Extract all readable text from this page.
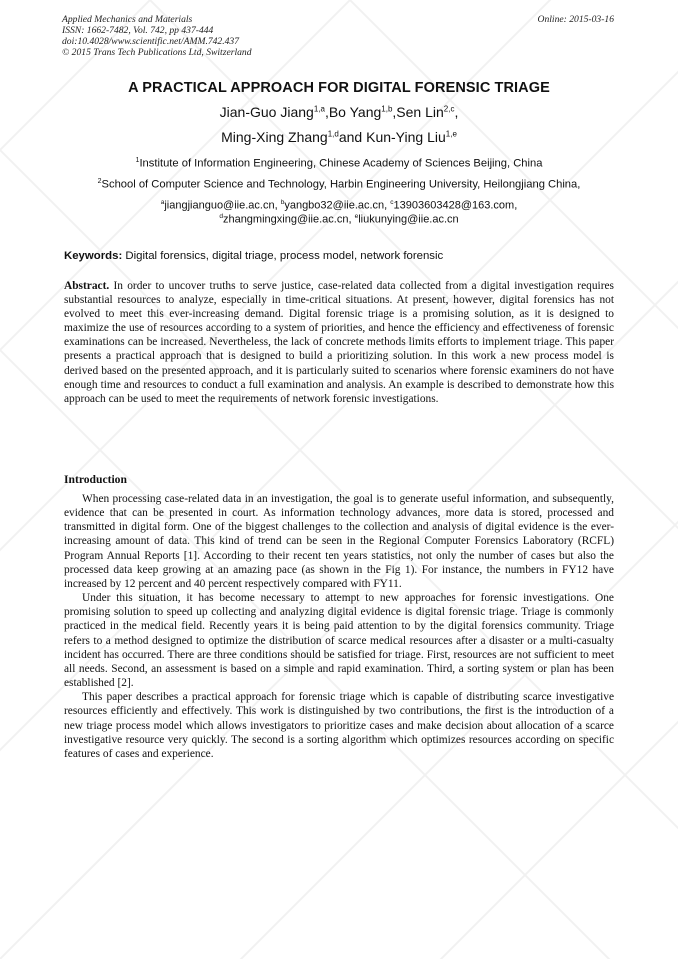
Applied Mechanics and Materials
ISSN: 1662-7482, Vol. 742, pp 437-444
doi:10.4028/www.scientific.net/AMM.742.437
© 2015 Trans Tech Publications Ltd, Switzerland
Online: 2015-03-16
A PRACTICAL APPROACH FOR DIGITAL FORENSIC TRIAGE
Jian-Guo Jiang$^{1,a}$,Bo Yang$^{1,b}$,Sen Lin$^{2,c}$,
Ming-Xing Zhang$^{1,d}$and Kun-Ying Liu$^{1,e}$
$^1$Institute of Information Engineering, Chinese Academy of Sciences Beijing, China
$^2$School of Computer Science and Technology, Harbin Engineering University, Heilongjiang China,
$^a$jiangjianguo@iie.ac.cn, $^b$yangbo32@iie.ac.cn, $^c$13903603428@163.com,
$^d$zhangmingxing@iie.ac.cn, $^e$liukunying@iie.ac.cn
Keywords: Digital forensics, digital triage, process model, network forensic

Abstract. In order to uncover truths to serve justice, case-related data collected from a digital investigation requires substantial resources to analyze, especially in time-critical situations. At present, however, digital forensics has not evolved to meet this ever-increasing demand. Digital forensic triage is a promising solution, as it is designed to maximize the use of resources according to a system of priorities, and hence the efficiency and effectiveness of forensic examinations can be increased. Nevertheless, the lack of concrete methods limits efforts to implement triage. This paper presents a practical approach that is designed to build a prioritizing solution. In this work a new process model is derived based on the presented approach, and it is particularly suited to scenarios where forensic examiners do not have enough time and resources to conduct a full examination and analysis. An example is described to demonstrate how this approach can be used to meet the requirements of network forensic investigations.

Introduction

When processing case-related data in an investigation, the goal is to generate useful information, and subsequently, evidence that can be presented in court. As information technology advances, more data is stored, processed and transmitted in digital form. One of the biggest challenges to the collection and analysis of digital evidence is the ever-increasing amount of data. This kind of trend can be seen in the Regional Computer Forensics Laboratory (RCFL) Program Annual Reports [1]. According to their recent ten years statistics, not only the number of cases but also the processed data keep growing at an amazing pace (as shown in the Fig 1). For instance, the numbers in FY12 have increased by 12 percent and 40 percent respectively compared with FY11.

Under this situation, it has become necessary to attempt to new approaches for forensic investigations. One promising solution to speed up collecting and analyzing digital evidence is digital forensic triage. Triage is commonly practiced in the medical field. Recently years it is being paid attention to by the digital forensics community. Triage refers to a method designed to optimize the distribution of scarce medical resources after a disaster or a multi-casualty incident has occurred. There are three conditions should be satisfied for triage. First, resources are not sufficient to meet all needs. Second, an assessment is based on a simple and rapid examination. Third, a sorting system or plan has been established [2].

This paper describes a practical approach for forensic triage which is capable of distributing scarce investigative resources efficiently and effectively. This work is distinguished by two contributions, the first is the introduction of a new triage process model which allows investigators to prioritize cases and make decision about allocation of a scarce investigative resource very quickly. The second is a sorting algorithm which optimizes resources according on specific features of cases and experience.
